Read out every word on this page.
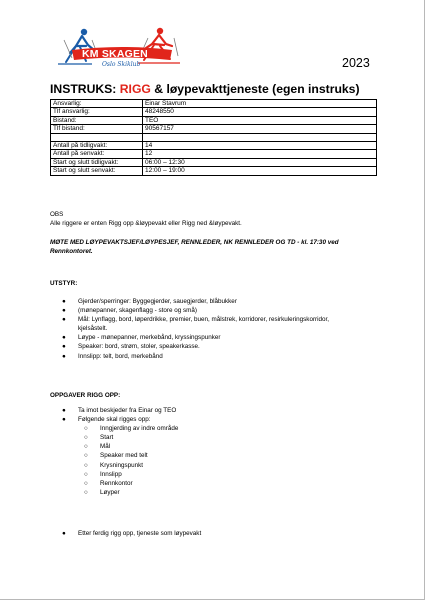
KM SKAGEN
Oslo Skiklub	2023
INSTRUKS: RIGG & løypevakttjeneste (egen instruks)
Ansvarlig:	Einar Stavrum
Tlf ansvarlig:	48248550
Bistand:	TEO
Tlf bistand:	90567157

Antall på tidligvakt:	14
Antall på senvakt:	12
Start og slutt tidligvakt:	06:00 – 12:30
Start og slutt senvakt:	12:00 – 19:00
OBS
Alle riggere er enten Rigg opp &løypevakt eller Rigg ned &løypevakt.
MØTE MED LØYPEVAKTSJEF/LØYPESJEF, RENNLEDER, NK RENNLEDER OG TD - kl. 17:30 ved
Rennkontoret.
UTSTYR:
● Gjerder/sperringer: Byggegjerder, sauegjerder, blåbukker
● (mønepanner, skagenflagg - store og små)
● Mål: Lynflagg, bord, løperdrikke, premier, buen, målstrek, korridorer, resirkuleringskorridor,
kjelsåstelt.
● Løype - mønepanner, merkebånd, kryssingspunker
● Speaker: bord, strøm, stoler, speakerkasse.
● Innslipp: telt, bord, merkebånd
OPPGAVER RIGG OPP:
● Ta imot beskjeder fra Einar og TEO
● Følgende skal rigges opp:
○ Inngjerding av indre område
○ Start
○ Mål
○ Speaker med telt
○ Krysningspunkt
○ Innslipp
○ Rennkontor
○ Løyper
● Etter ferdig rigg opp, tjeneste som løypevakt
